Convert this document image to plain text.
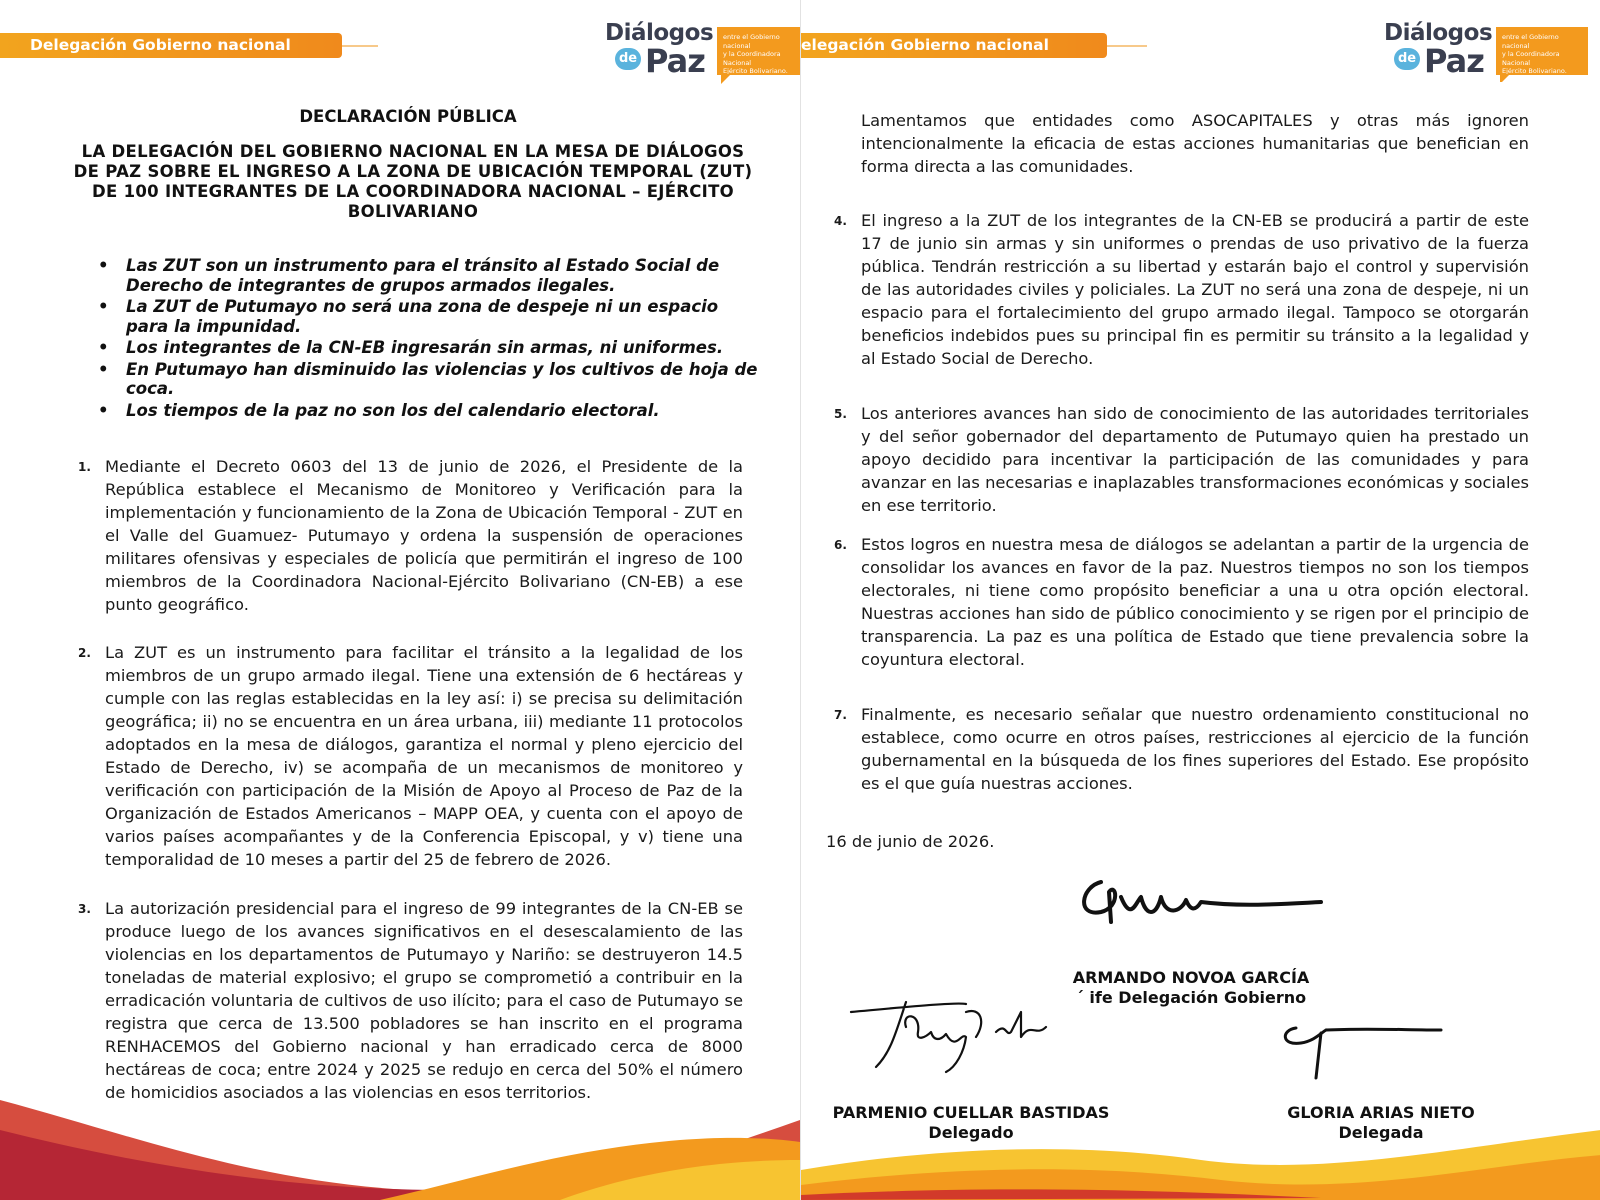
Delegación Gobierno nacional	Diálogos
de Paz
entre el Gobierno nacional
y la Coordinadora Nacional
Ejército Bolivariano.
DECLARACIÓN PÚBLICA
LA DELEGACIÓN DEL GOBIERNO NACIONAL EN LA MESA DE DIÁLOGOS DE PAZ SOBRE EL INGRESO A LA ZONA DE UBICACIÓN TEMPORAL (ZUT) DE 100 INTEGRANTES DE LA COORDINADORA NACIONAL – EJÉRCITO BOLIVARIANO
• Las ZUT son un instrumento para el tránsito al Estado Social de Derecho de integrantes de grupos armados ilegales.
• La ZUT de Putumayo no será una zona de despeje ni un espacio para la impunidad.
• Los integrantes de la CN-EB ingresarán sin armas, ni uniformes.
• En Putumayo han disminuido las violencias y los cultivos de hoja de coca.
• Los tiempos de la paz no son los del calendario electoral.
1. Mediante el Decreto 0603 del 13 de junio de 2026, el Presidente de la República establece el Mecanismo de Monitoreo y Verificación para la implementación y funcionamiento de la Zona de Ubicación Temporal - ZUT en el Valle del Guamuez- Putumayo y ordena la suspensión de operaciones militares ofensivas y especiales de policía que permitirán el ingreso de 100 miembros de la Coordinadora Nacional-Ejército Bolivariano (CN-EB) a ese punto geográfico.
2. La ZUT es un instrumento para facilitar el tránsito a la legalidad de los miembros de un grupo armado ilegal. Tiene una extensión de 6 hectáreas y cumple con las reglas establecidas en la ley así: i) se precisa su delimitación geográfica; ii) no se encuentra en un área urbana, iii) mediante 11 protocolos adoptados en la mesa de diálogos, garantiza el normal y pleno ejercicio del Estado de Derecho, iv) se acompaña de un mecanismos de monitoreo y verificación con participación de la Misión de Apoyo al Proceso de Paz de la Organización de Estados Americanos – MAPP OEA, y cuenta con el apoyo de varios países acompañantes y de la Conferencia Episcopal, y v) tiene una temporalidad de 10 meses a partir del 25 de febrero de 2026.
3. La autorización presidencial para el ingreso de 99 integrantes de la CN-EB se produce luego de los avances significativos en el desescalamiento de las violencias en los departamentos de Putumayo y Nariño: se destruyeron 14.5 toneladas de material explosivo; el grupo se comprometió a contribuir en la erradicación voluntaria de cultivos de uso ilícito; para el caso de Putumayo se registra que cerca de 13.500 pobladores se han inscrito en el programa RENHACEMOS del Gobierno nacional y han erradicado cerca de 8000 hectáreas de coca; entre 2024 y 2025 se redujo en cerca del 50% el número de homicidios asociados a las violencias en esos territorios.
elegación Gobierno nacional	Diálogos
de Paz
entre el Gobierno nacional
y la Coordinadora Nacional
Ejército Bolivariano.
Lamentamos que entidades como ASOCAPITALES y otras más ignoren intencionalmente la eficacia de estas acciones humanitarias que benefician en forma directa a las comunidades.
4. El ingreso a la ZUT de los integrantes de la CN-EB se producirá a partir de este 17 de junio sin armas y sin uniformes o prendas de uso privativo de la fuerza pública. Tendrán restricción a su libertad y estarán bajo el control y supervisión de las autoridades civiles y policiales. La ZUT no será una zona de despeje, ni un espacio para el fortalecimiento del grupo armado ilegal. Tampoco se otorgarán beneficios indebidos pues su principal fin es permitir su tránsito a la legalidad y al Estado Social de Derecho.
5. Los anteriores avances han sido de conocimiento de las autoridades territoriales y del señor gobernador del departamento de Putumayo quien ha prestado un apoyo decidido para incentivar la participación de las comunidades y para avanzar en las necesarias e inaplazables transformaciones económicas y sociales en ese territorio.
6. Estos logros en nuestra mesa de diálogos se adelantan a partir de la urgencia de consolidar los avances en favor de la paz. Nuestros tiempos no son los tiempos electorales, ni tiene como propósito beneficiar a una u otra opción electoral. Nuestras acciones han sido de público conocimiento y se rigen por el principio de transparencia. La paz es una política de Estado que tiene prevalencia sobre la coyuntura electoral.
7. Finalmente, es necesario señalar que nuestro ordenamiento constitucional no establece, como ocurre en otros países, restricciones al ejercicio de la función gubernamental en la búsqueda de los fines superiores del Estado. Ese propósito es el que guía nuestras acciones.
16 de junio de 2026.
ARMANDO NOVOA GARCÍA
´ ife Delegación Gobierno
PARMENIO CUELLAR BASTIDAS
Delegado
GLORIA ARIAS NIETO
Delegada
